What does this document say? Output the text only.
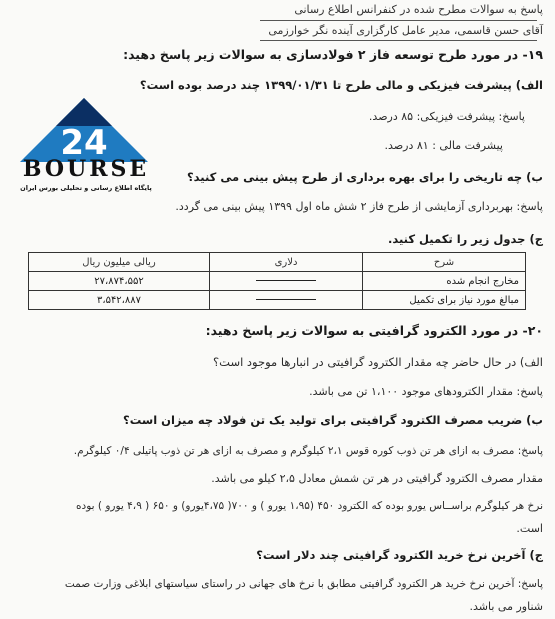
پاسخ به سوالات مطرح شده در کنفرانس اطلاع رسانی
آقای حسن قاسمی، مدیر عامل کارگزاری آینده نگر خوارزمی
۱۹- در مورد طرح توسعه فاز ۲ فولادسازی به سوالات زیر پاسخ دهید:
الف) پیشرفت فیزیکی و مالی طرح تا ۱۳۹۹/۰۱/۳۱ چند درصد بوده است؟
پاسخ: پیشرفت فیزیکی: ۸۵ درصد.
پیشرفت مالی : ۸۱ درصد.
ب) چه تاریخی را برای بهره برداری از طرح پیش بینی می کنید؟
پاسخ: بهربرداری آزمایشی از طرح فاز ۲ شش ماه اول ۱۳۹۹ پیش بینی می گردد.
ج) جدول زیر را تکمیل کنید.
24
BOURSE
پایگاه اطلاع رسانی و تحلیلی بورس ایران
شرح	دلاری	ریالی میلیون ریال
مخارج انجام شده		۲۷،۸۷۴،۵۵۲
مبالغ مورد نیاز برای تکمیل		۳،۵۴۲،۸۸۷
۲۰- در مورد الکترود گرافیتی به سوالات زیر پاسخ دهید:
الف) در حال حاضر چه مقدار الکترود گرافیتی در انبارها موجود است؟
پاسخ: مقدار الکترودهای موجود ۱،۱۰۰ تن می باشد.
ب) ضریب مصرف الکترود گرافیتی برای تولید یک تن فولاد چه میزان است؟
پاسخ: مصرف به ازای هر تن ذوب کوره قوس ۲،۱ کیلوگرم و مصرف به ازای هر تن ذوب پاتیلی ۰/۴ کیلوگرم.
مقدار مصرف الکترود گرافیتی در هر تن شمش معادل ۲،۵ کیلو می باشد.
نرخ هر کیلوگرم براســاس یورو بوده که الکترود ۴۵۰ (۱،۹۵ یورو ) و ۷۰۰( ۴،۷۵یورو) و ۶۵۰ ( ۴،۹ یورو ) بوده
است.
ج) آخرین نرخ خرید الکترود گرافیتی چند دلار است؟
پاسخ: آخرین نرخ خرید هر الکترود گرافیتی مطابق با نرخ های جهانی در راستای سیاستهای ابلاغی وزارت صمت
شناور می باشد.
